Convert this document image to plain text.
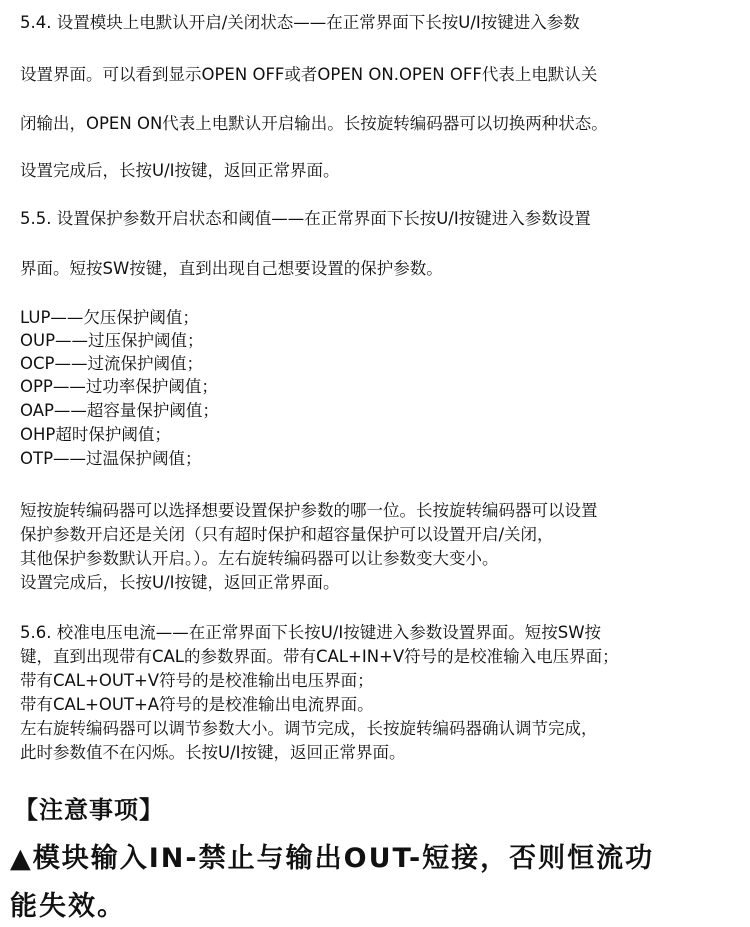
5.4. 设置模块上电默认开启/关闭状态——在正常界面下长按U/I按键进入参数
设置界面。可以看到显示OPEN OFF或者OPEN ON.OPEN OFF代表上电默认关
闭输出，OPEN ON代表上电默认开启输出。长按旋转编码器可以切换两种状态。
设置完成后，长按U/I按键，返回正常界面。
5.5. 设置保护参数开启状态和阈值——在正常界面下长按U/I按键进入参数设置
界面。短按SW按键，直到出现自己想要设置的保护参数。
LUP——欠压保护阈值；
OUP——过压保护阈值；
OCP——过流保护阈值；
OPP——过功率保护阈值；
OAP——超容量保护阈值；
OHP超时保护阈值；
OTP——过温保护阈值；
短按旋转编码器可以选择想要设置保护参数的哪一位。长按旋转编码器可以设置
保护参数开启还是关闭（只有超时保护和超容量保护可以设置开启/关闭，
其他保护参数默认开启。）。左右旋转编码器可以让参数变大变小。
设置完成后，长按U/I按键，返回正常界面。
5.6. 校准电压电流——在正常界面下长按U/I按键进入参数设置界面。短按SW按
键，直到出现带有CAL的参数界面。带有CAL+IN+V符号的是校准输入电压界面；
带有CAL+OUT+V符号的是校准输出电压界面；
带有CAL+OUT+A符号的是校准输出电流界面。
左右旋转编码器可以调节参数大小。调节完成，长按旋转编码器确认调节完成，
此时参数值不在闪烁。长按U/I按键，返回正常界面。
【注意事项】
▲模块输入IN-禁止与输出OUT-短接，否则恒流功
能失效。
